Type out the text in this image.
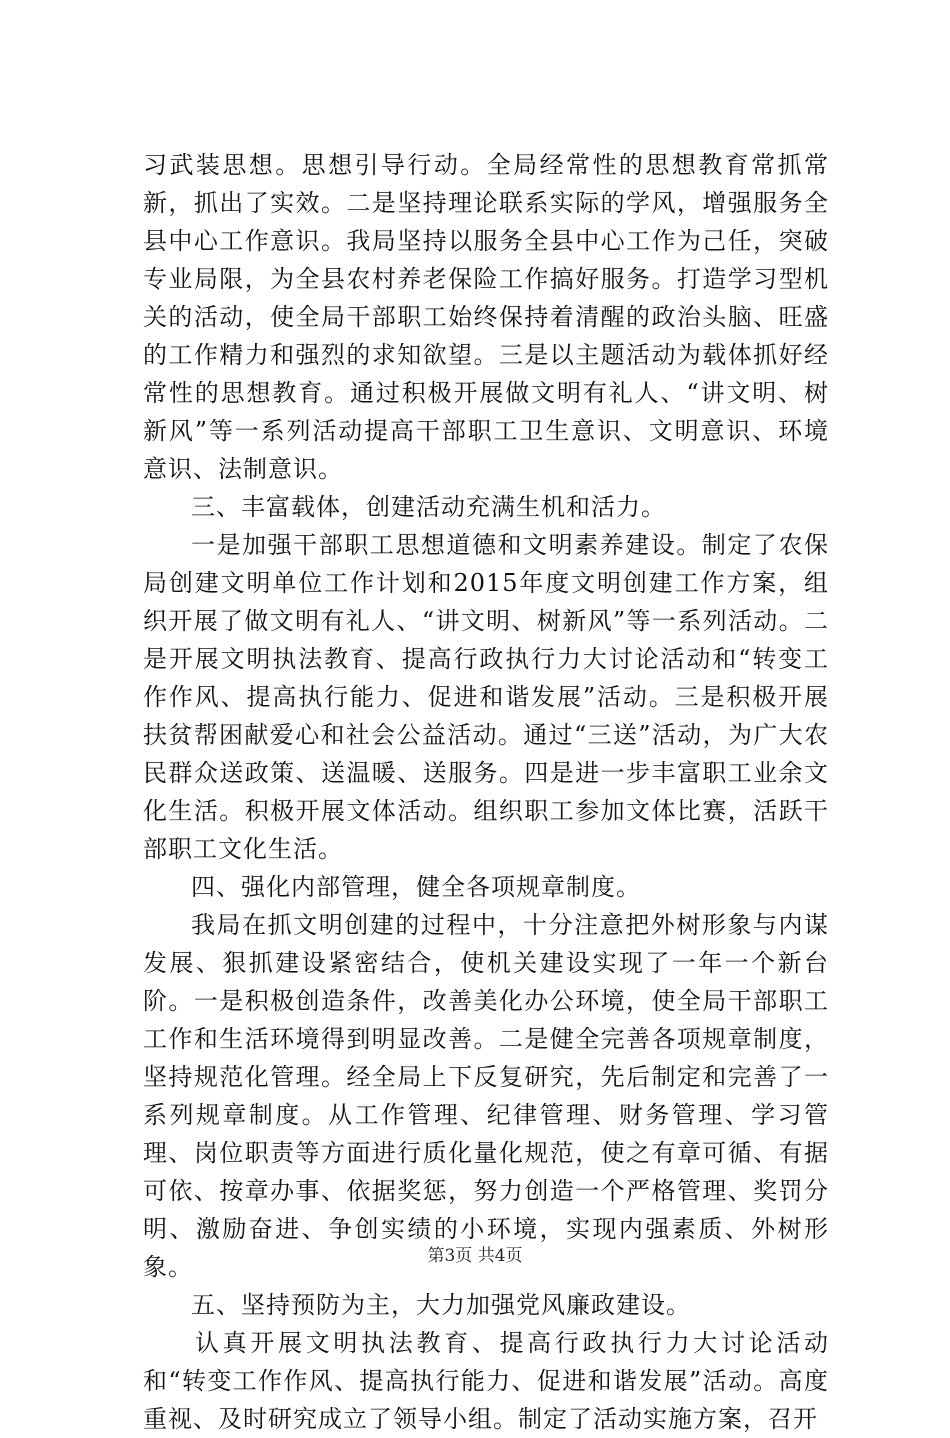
习武装思想。思想引导行动。全局经常性的思想教育常抓常新，抓出了实效。二是坚持理论联系实际的学风，增强服务全县中心工作意识。我局坚持以服务全县中心工作为己任，突破专业局限，为全县农村养老保险工作搞好服务。打造学习型机关的活动，使全局干部职工始终保持着清醒的政治头脑、旺盛的工作精力和强烈的求知欲望。三是以主题活动为载体抓好经常性的思想教育。通过积极开展做文明有礼人、“讲文明、树新风”等一系列活动提高干部职工卫生意识、文明意识、环境意识、法制意识。

三、丰富载体，创建活动充满生机和活力。

一是加强干部职工思想道德和文明素养建设。制定了农保局创建文明单位工作计划和2015年度文明创建工作方案，组织开展了做文明有礼人、“讲文明、树新风”等一系列活动。二是开展文明执法教育、提高行政执行力大讨论活动和“转变工作作风、提高执行能力、促进和谐发展”活动。三是积极开展扶贫帮困献爱心和社会公益活动。通过“三送”活动，为广大农民群众送政策、送温暖、送服务。四是进一步丰富职工业余文化生活。积极开展文体活动。组织职工参加文体比赛，活跃干部职工文化生活。

四、强化内部管理，健全各项规章制度。

我局在抓文明创建的过程中，十分注意把外树形象与内谋发展、狠抓建设紧密结合，使机关建设实现了一年一个新台阶。一是积极创造条件，改善美化办公环境，使全局干部职工工作和生活环境得到明显改善。二是健全完善各项规章制度，坚持规范化管理。经全局上下反复研究，先后制定和完善了一系列规章制度。从工作管理、纪律管理、财务管理、学习管理、岗位职责等方面进行质化量化规范，使之有章可循、有据可依、按章办事、依据奖惩，努力创造一个严格管理、奖罚分明、激励奋进、争创实绩的小环境，实现内强素质、外树形象。

五、坚持预防为主，大力加强党风廉政建设。

认真开展文明执法教育、提高行政执行力大讨论活动和“转变工作作风、提高执行能力、促进和谐发展”活动。高度重视、及时研究成立了领导小组。制定了活动实施方案，召开

第3页 共4页
